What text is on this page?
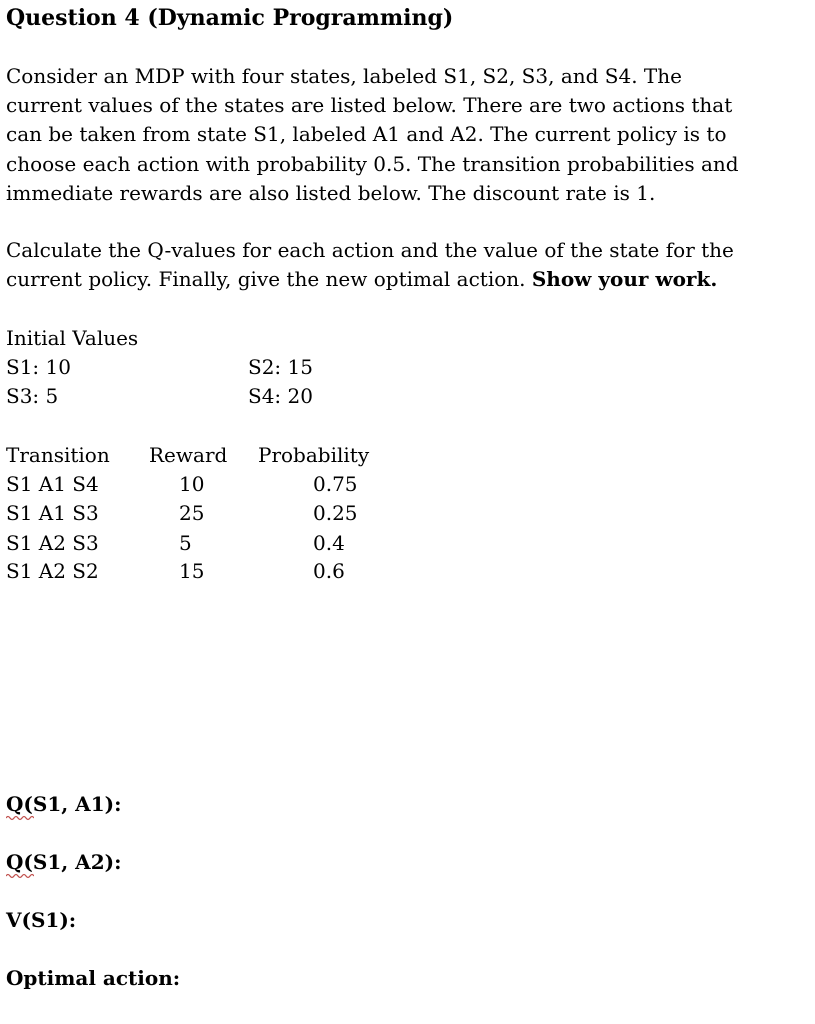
Question 4 (Dynamic Programming)
Consider an MDP with four states, labeled S1, S2, S3, and S4. The
current values of the states are listed below. There are two actions that
can be taken from state S1, labeled A1 and A2. The current policy is to
choose each action with probability 0.5. The transition probabilities and
immediate rewards are also listed below. The discount rate is 1.
Calculate the Q-values for each action and the value of the state for the
current policy. Finally, give the new optimal action. Show your work.
Initial Values
S1: 10	S2: 15
S3: 5	S4: 20
Transition Reward Probability
S1 A1 S4	10	0.75
S1 A1 S3	25	0.25
S1 A2 S3	5	0.4
S1 A2 S2	15	0.6
Q(S1, A1):
Q(S1, A2):
V(S1):
Optimal action:
